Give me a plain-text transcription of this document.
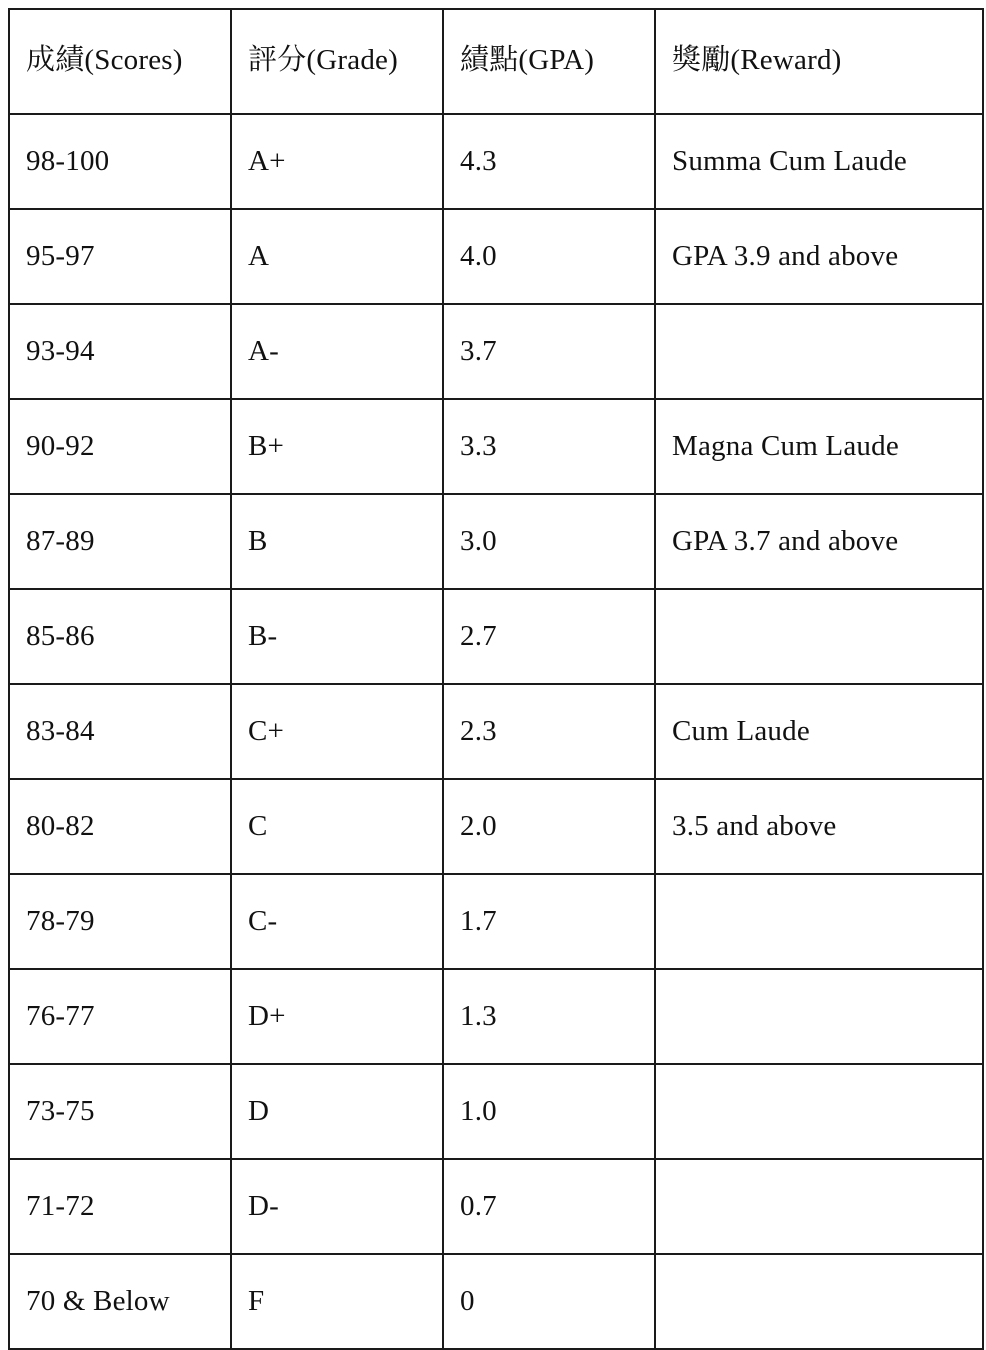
成績(Scores)	評分(Grade)	績點(GPA)	獎勵(Reward)
98-100	A+	4.3	Summa Cum Laude
95-97	A	4.0	GPA 3.9 and above
93-94	A-	3.7	
90-92	B+	3.3	Magna Cum Laude
87-89	B	3.0	GPA 3.7 and above
85-86	B-	2.7	
83-84	C+	2.3	Cum Laude
80-82	C	2.0	3.5 and above
78-79	C-	1.7	
76-77	D+	1.3	
73-75	D	1.0	
71-72	D-	0.7	
70 & Below	F	0	
